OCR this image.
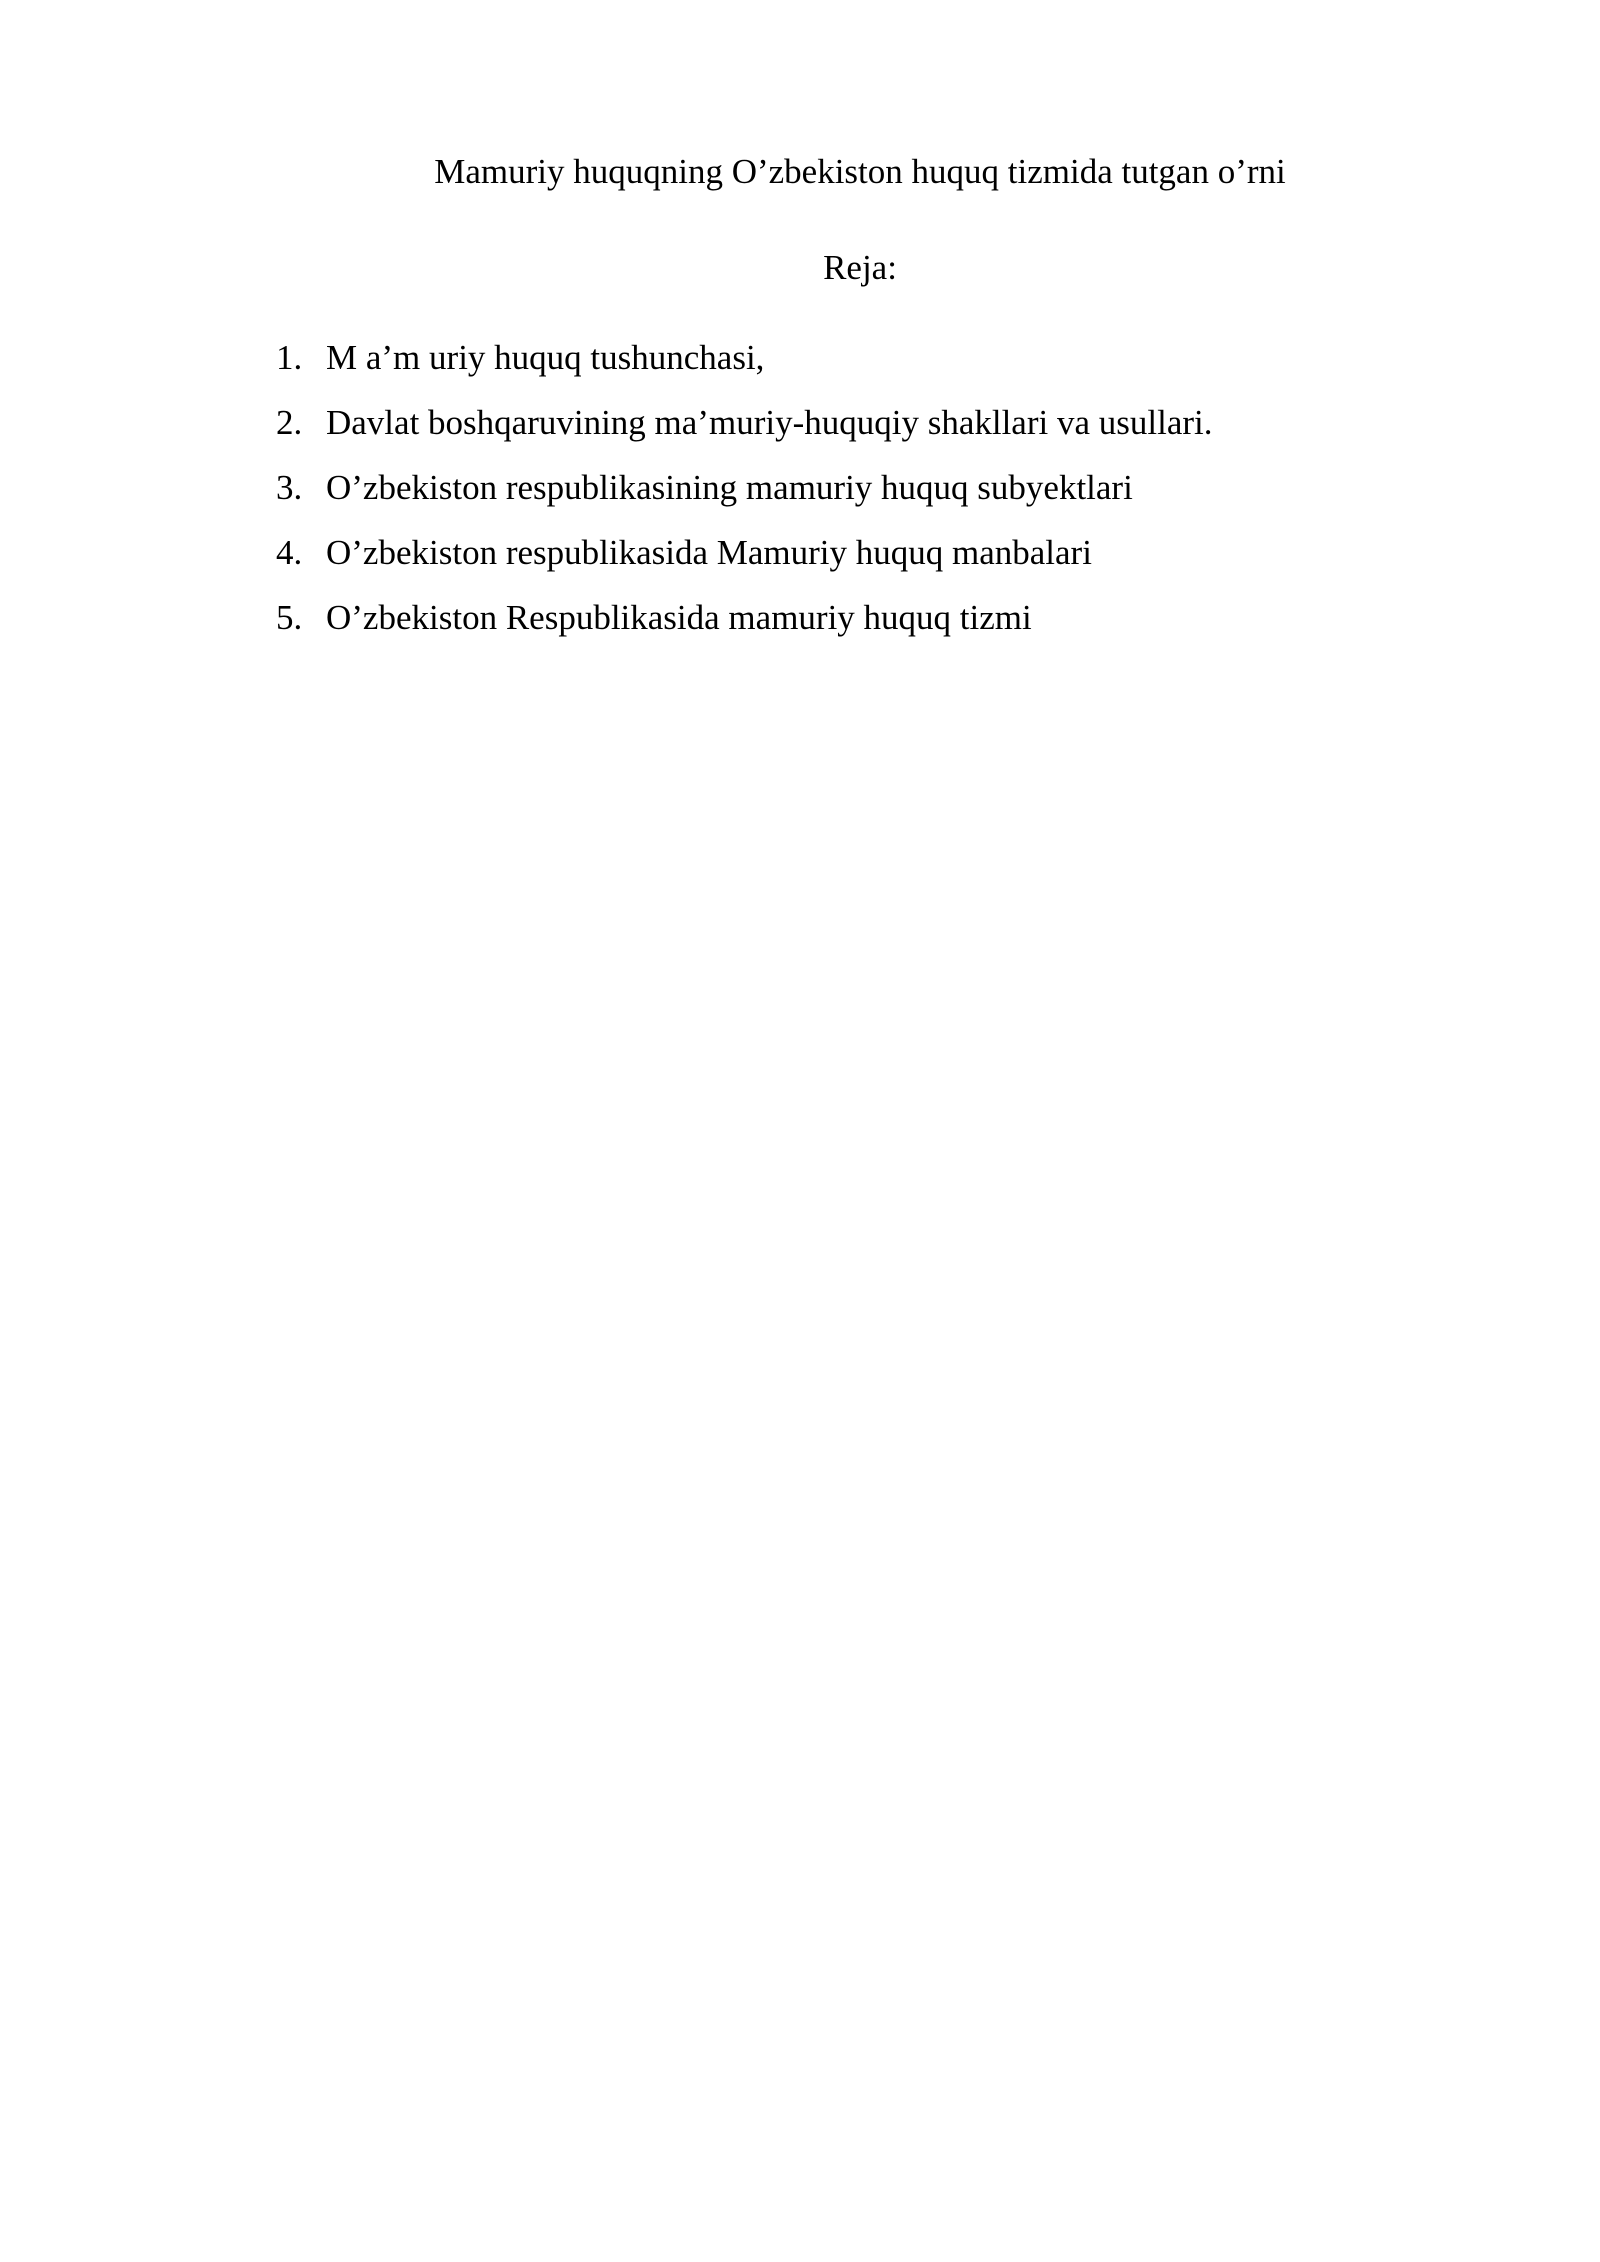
Mamuriy huquqning O’zbekiston huquq tizmida tutgan o’rni
Reja:
1. M a’m uriy huquq tushunchasi,
2. Davlat boshqaruvining ma’muriy-huquqiy shakllari va usullari.
3. O’zbekiston respublikasining mamuriy huquq subyektlari
4. O’zbekiston respublikasida Mamuriy huquq manbalari
5. O’zbekiston Respublikasida mamuriy huquq tizmi
